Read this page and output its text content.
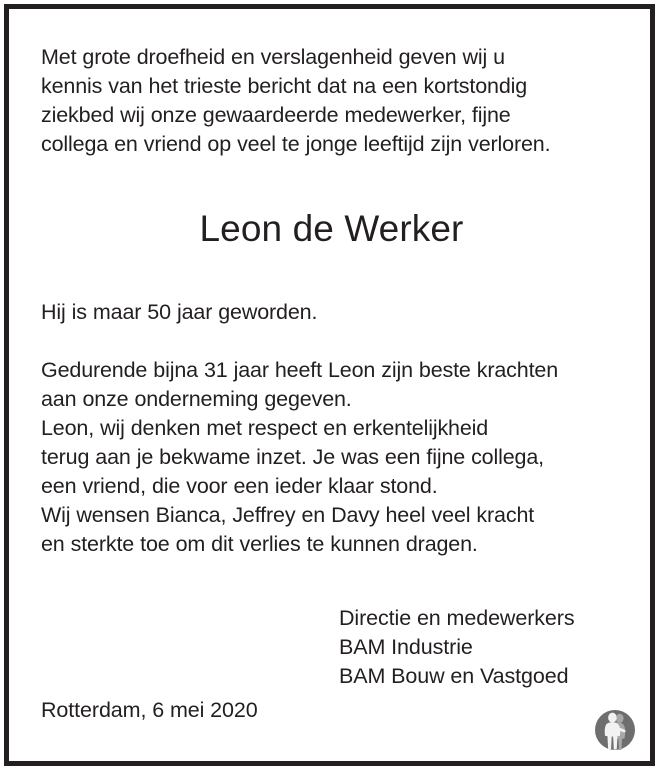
Met grote droefheid en verslagenheid geven wij u
kennis van het trieste bericht dat na een kortstondig
ziekbed wij onze gewaardeerde medewerker, fijne
collega en vriend op veel te jonge leeftijd zijn verloren.

Leon de Werker

Hij is maar 50 jaar geworden.

Gedurende bijna 31 jaar heeft Leon zijn beste krachten
aan onze onderneming gegeven.
Leon, wij denken met respect en erkentelijkheid
terug aan je bekwame inzet. Je was een fijne collega,
een vriend, die voor een ieder klaar stond.
Wij wensen Bianca, Jeffrey en Davy heel veel kracht
en sterkte toe om dit verlies te kunnen dragen.

Directie en medewerkers
BAM Industrie
BAM Bouw en Vastgoed
Rotterdam, 6 mei 2020
